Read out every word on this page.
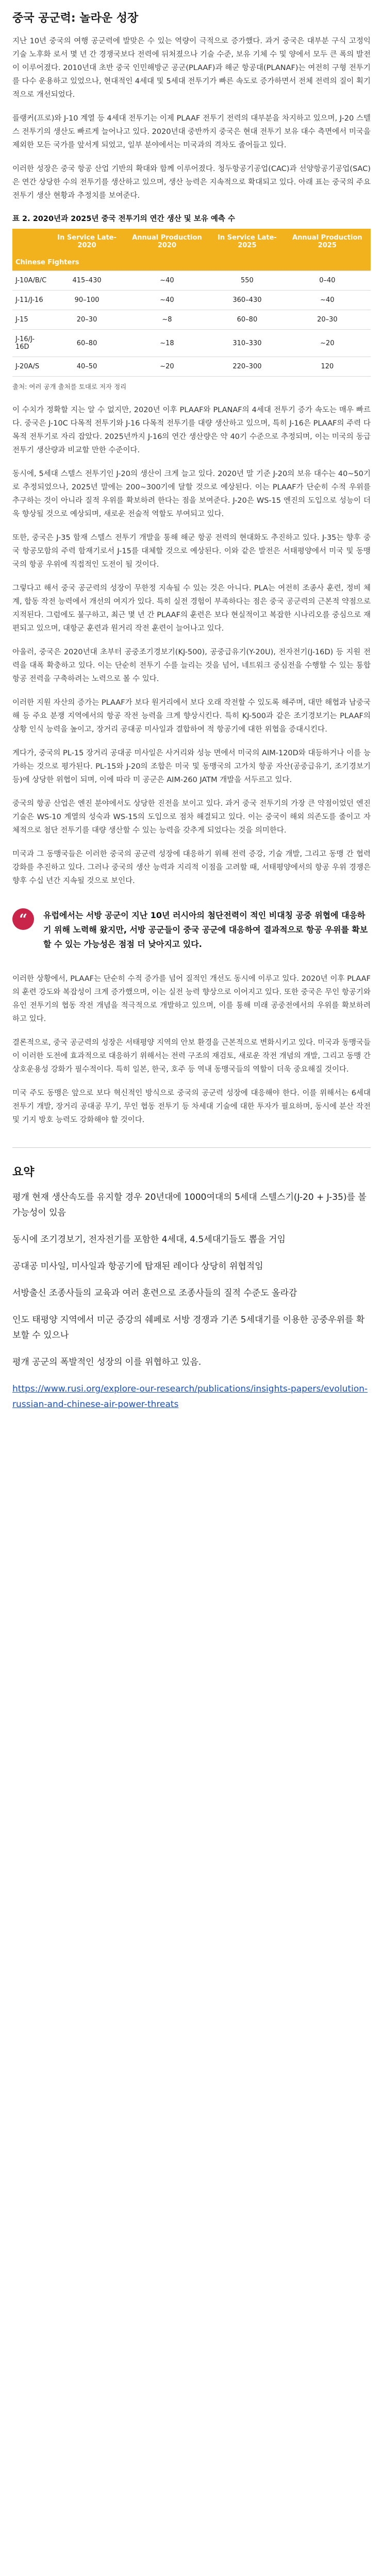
중국 공군력: 놀라운 성장

지난 10년 중국의 여행 공군력에 발맞은 수 있는 역량이 극적으로 증가했다. 과거 중국은 대부분 구식 고정익 기술 노후화 로서 몇 년 간 경쟁국보다 전력에 뒤처졌으나 기술 수준, 보유 기체 수 및 양에서 모두 큰 폭의 발전이 이루어졌다. 2010년대 초반 중국 인민해방군 공군(PLAAF)과 해군 항공대(PLANAF)는 여전히 구형 전투기를 다수 운용하고 있었으나, 현대적인 4세대 및 5세대 전투기가 빠른 속도로 증가하면서 전체 전력의 질이 획기적으로 개선되었다.

플랭커(프로)와 J-10 계열 등 4세대 전투기는 이제 PLAAF 전투기 전력의 대부분을 차지하고 있으며, J-20 스텔스 전투기의 생산도 빠르게 늘어나고 있다. 2020년대 중반까지 중국은 현대 전투기 보유 대수 측면에서 미국을 제외한 모든 국가를 앞서게 되었고, 일부 분야에서는 미국과의 격차도 줄어들고 있다.

이러한 성장은 중국 항공 산업 기반의 확대와 함께 이루어졌다. 청두항공기공업(CAC)과 선양항공기공업(SAC)은 연간 상당한 수의 전투기를 생산하고 있으며, 생산 능력은 지속적으로 확대되고 있다. 아래 표는 중국의 주요 전투기 생산 현황과 추정치를 보여준다.

표 2. 2020년과 2025년 중국 전투기의 연간 생산 및 보유 예측 수
	In Service Late-2020	Annual Production 2020	In Service Late-2025	Annual Production 2025
Chinese Fighters				
J-10A/B/C	415–430	~40	550	0–40
J-11/J-16	90–100	~40	360–430	~40
J-15	20–30	~8	60–80	20–30
J-16/J-16D	60–80	~18	310–330	~20
J-20A/S	40–50	~20	220–300	120
출처: 여러 공개 출처를 토대로 저자 정리

이 수치가 정확할 지는 알 수 없지만, 2020년 이후 PLAAF와 PLANAF의 4세대 전투기 증가 속도는 매우 빠르다. 중국은 J-10C 다목적 전투기와 J-16 다목적 전투기를 대량 생산하고 있으며, 특히 J-16은 PLAAF의 주력 다목적 전투기로 자리 잡았다. 2025년까지 J-16의 연간 생산량은 약 40기 수준으로 추정되며, 이는 미국의 동급 전투기 생산량과 비교할 만한 수준이다.

동시에, 5세대 스텔스 전투기인 J-20의 생산이 크게 늘고 있다. 2020년 말 기준 J-20의 보유 대수는 40~50기로 추정되었으나, 2025년 말에는 200~300기에 달할 것으로 예상된다. 이는 PLAAF가 단순히 수적 우위를 추구하는 것이 아니라 질적 우위를 확보하려 한다는 점을 보여준다. J-20은 WS-15 엔진의 도입으로 성능이 더욱 향상될 것으로 예상되며, 새로운 전술적 역할도 부여되고 있다.

또한, 중국은 J-35 함재 스텔스 전투기 개발을 통해 해군 항공 전력의 현대화도 추진하고 있다. J-35는 향후 중국 항공모함의 주력 함재기로서 J-15를 대체할 것으로 예상된다. 이와 같은 발전은 서태평양에서 미국 및 동맹국의 항공 우위에 직접적인 도전이 될 것이다.

그렇다고 해서 중국 공군력의 성장이 무한정 지속될 수 있는 것은 아니다. PLA는 여전히 조종사 훈련, 정비 체계, 합동 작전 능력에서 개선의 여지가 있다. 특히 실전 경험이 부족하다는 점은 중국 공군력의 근본적 약점으로 지적된다. 그럼에도 불구하고, 최근 몇 년 간 PLAAF의 훈련은 보다 현실적이고 복잡한 시나리오를 중심으로 재편되고 있으며, 대항군 훈련과 원거리 작전 훈련이 늘어나고 있다.

아울러, 중국은 2020년대 초부터 공중조기경보기(KJ-500), 공중급유기(Y-20U), 전자전기(J-16D) 등 지원 전력을 대폭 확충하고 있다. 이는 단순히 전투기 수를 늘리는 것을 넘어, 네트워크 중심전을 수행할 수 있는 통합 항공 전력을 구축하려는 노력으로 볼 수 있다.

이러한 지원 자산의 증가는 PLAAF가 보다 원거리에서 보다 오래 작전할 수 있도록 해주며, 대만 해협과 남중국해 등 주요 분쟁 지역에서의 항공 작전 능력을 크게 향상시킨다. 특히 KJ-500과 같은 조기경보기는 PLAAF의 상황 인식 능력을 높이고, 장거리 공대공 미사일과 결합하여 적 항공기에 대한 위협을 증대시킨다.

게다가, 중국의 PL-15 장거리 공대공 미사일은 사거리와 성능 면에서 미국의 AIM-120D와 대등하거나 이를 능가하는 것으로 평가된다. PL-15와 J-20의 조합은 미국 및 동맹국의 고가치 항공 자산(공중급유기, 조기경보기 등)에 상당한 위협이 되며, 이에 따라 미 공군은 AIM-260 JATM 개발을 서두르고 있다.

중국의 항공 산업은 엔진 분야에서도 상당한 진전을 보이고 있다. 과거 중국 전투기의 가장 큰 약점이었던 엔진 기술은 WS-10 계열의 성숙과 WS-15의 도입으로 점차 해결되고 있다. 이는 중국이 해외 의존도를 줄이고 자체적으로 첨단 전투기를 대량 생산할 수 있는 능력을 갖추게 되었다는 것을 의미한다.

미국과 그 동맹국들은 이러한 중국의 공군력 성장에 대응하기 위해 전력 증강, 기술 개발, 그리고 동맹 간 협력 강화를 추진하고 있다. 그러나 중국의 생산 능력과 지리적 이점을 고려할 때, 서태평양에서의 항공 우위 경쟁은 향후 수십 년간 지속될 것으로 보인다.

“	유럽에서는 서방 공군이 지난 10년 러시아의 첨단전력이 적인 비대칭 공중 위협에 대응하기 위해 노력해 왔지만, 서방 공군들이 중국 공군에 대응하여 결과적으로 항공 우위를 확보할 수 있는 가능성은 점점 더 낮아지고 있다.

이러한 상황에서, PLAAF는 단순히 수적 증가를 넘어 질적인 개선도 동시에 이루고 있다. 2020년 이후 PLAAF의 훈련 강도와 복잡성이 크게 증가했으며, 이는 실전 능력 향상으로 이어지고 있다. 또한 중국은 무인 항공기와 유인 전투기의 협동 작전 개념을 적극적으로 개발하고 있으며, 이를 통해 미래 공중전에서의 우위를 확보하려 하고 있다.

결론적으로, 중국 공군력의 성장은 서태평양 지역의 안보 환경을 근본적으로 변화시키고 있다. 미국과 동맹국들이 이러한 도전에 효과적으로 대응하기 위해서는 전력 구조의 재검토, 새로운 작전 개념의 개발, 그리고 동맹 간 상호운용성 강화가 필수적이다. 특히 일본, 한국, 호주 등 역내 동맹국들의 역할이 더욱 중요해질 것이다.

미국 주도 동맹은 앞으로 보다 혁신적인 방식으로 중국의 공군력 성장에 대응해야 한다. 이를 위해서는 6세대 전투기 개발, 장거리 공대공 무기, 무인 협동 전투기 등 차세대 기술에 대한 투자가 필요하며, 동시에 분산 작전 및 기지 방호 능력도 강화해야 할 것이다.

요약

평개 현재 생산속도를 유지할 경우 20년대에 1000여대의 5세대 스텔스기(J-20 + J-35)를 볼 가능성이 있음

동시에 조기경보기, 전자전기를 포함한 4세대, 4.5세대기들도 뽑을 거임

공대공 미사일, 미사일과 항공기에 탑재된 레이다 상당히 위협적임

서방출신 조종사들의 교육과 여러 훈련으로 조종사들의 질적 수준도 올라감

인도 태평양 지역에서 미군 증강의 쉐페로 서방 경쟁과 기존 5세대기를 이용한 공중우위를 확보할 수 있으나

평개 공군의 폭발적인 성장의 이를 위협하고 있음.

https://www.rusi.org/explore-our-research/publications/insights-papers/evolution-russian-and-chinese-air-power-threats
